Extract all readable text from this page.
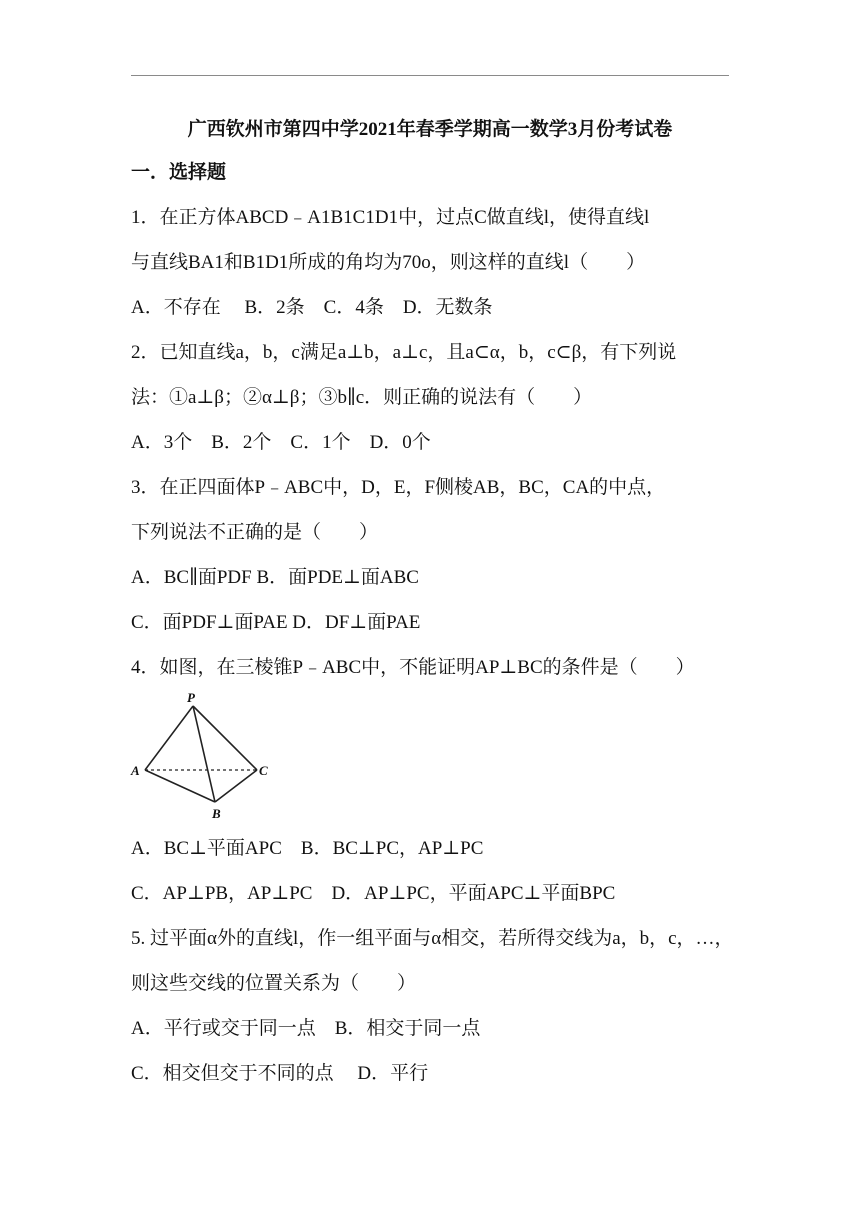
广西钦州市第四中学2021年春季学期高一数学3月份考试卷
一．选择题
1．在正方体ABCD﹣A1B1C1D1中，过点C做直线l，使得直线l
与直线BA1和B1D1所成的角均为70o，则这样的直线l（　　）
A．不存在　 B．2条　C．4条　D．无数条
2．已知直线a，b，c满足a⊥b，a⊥c，且a⊂α，b，c⊂β，有下列说
法：①a⊥β；②α⊥β；③b∥c．则正确的说法有（　　）
A．3个　B．2个　C．1个　D．0个
3．在正四面体P﹣ABC中，D，E，F侧棱AB，BC，CA的中点，
下列说法不正确的是（　　）
A．BC∥面PDF B．面PDE⊥面ABC
C．面PDF⊥面PAE D．DF⊥面PAE
4．如图，在三棱锥P﹣ABC中，不能证明AP⊥BC的条件是（　　）
P
A	C
B
A．BC⊥平面APC　B．BC⊥PC，AP⊥PC
C．AP⊥PB，AP⊥PC　D．AP⊥PC，平面APC⊥平面BPC
5. 过平面α外的直线l，作一组平面与α相交，若所得交线为a，b，c，…，
则这些交线的位置关系为（　　）
A．平行或交于同一点　B．相交于同一点
C．相交但交于不同的点　 D．平行
